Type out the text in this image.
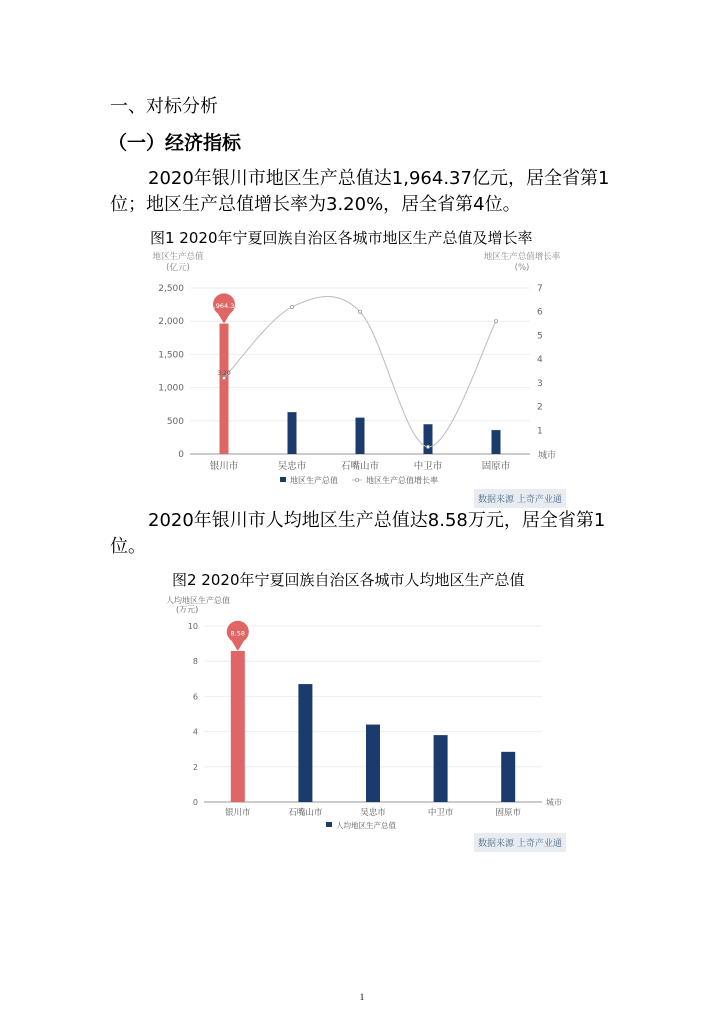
一、对标分析
（一）经济指标
2020年银川市地区生产总值达1,964.37亿元，居全省第1位；地区生产总值增长率为3.20%，居全省第4位。
图1 2020年宁夏回族自治区各城市地区生产总值及增长率
地区生产总值
(亿元)
地区生产总值增长率
(%)
0
500
1,000
1,500
2,000
2,500
1
2
3
4
5
6
7
3.20
1,964.37
银川市	吴忠市	石嘴山市	中卫市	固原市
城市
地区生产总值	地区生产总值增长率
数据来源 上奇产业通
2020年银川市人均地区生产总值达8.58万元，居全省第1位。
图2 2020年宁夏回族自治区各城市人均地区生产总值
人均地区生产总值
(万元)
0
2
4
6
8
10
8.58
银川市	石嘴山市	吴忠市	中卫市	固原市
城市
人均地区生产总值
数据来源 上奇产业通
1
